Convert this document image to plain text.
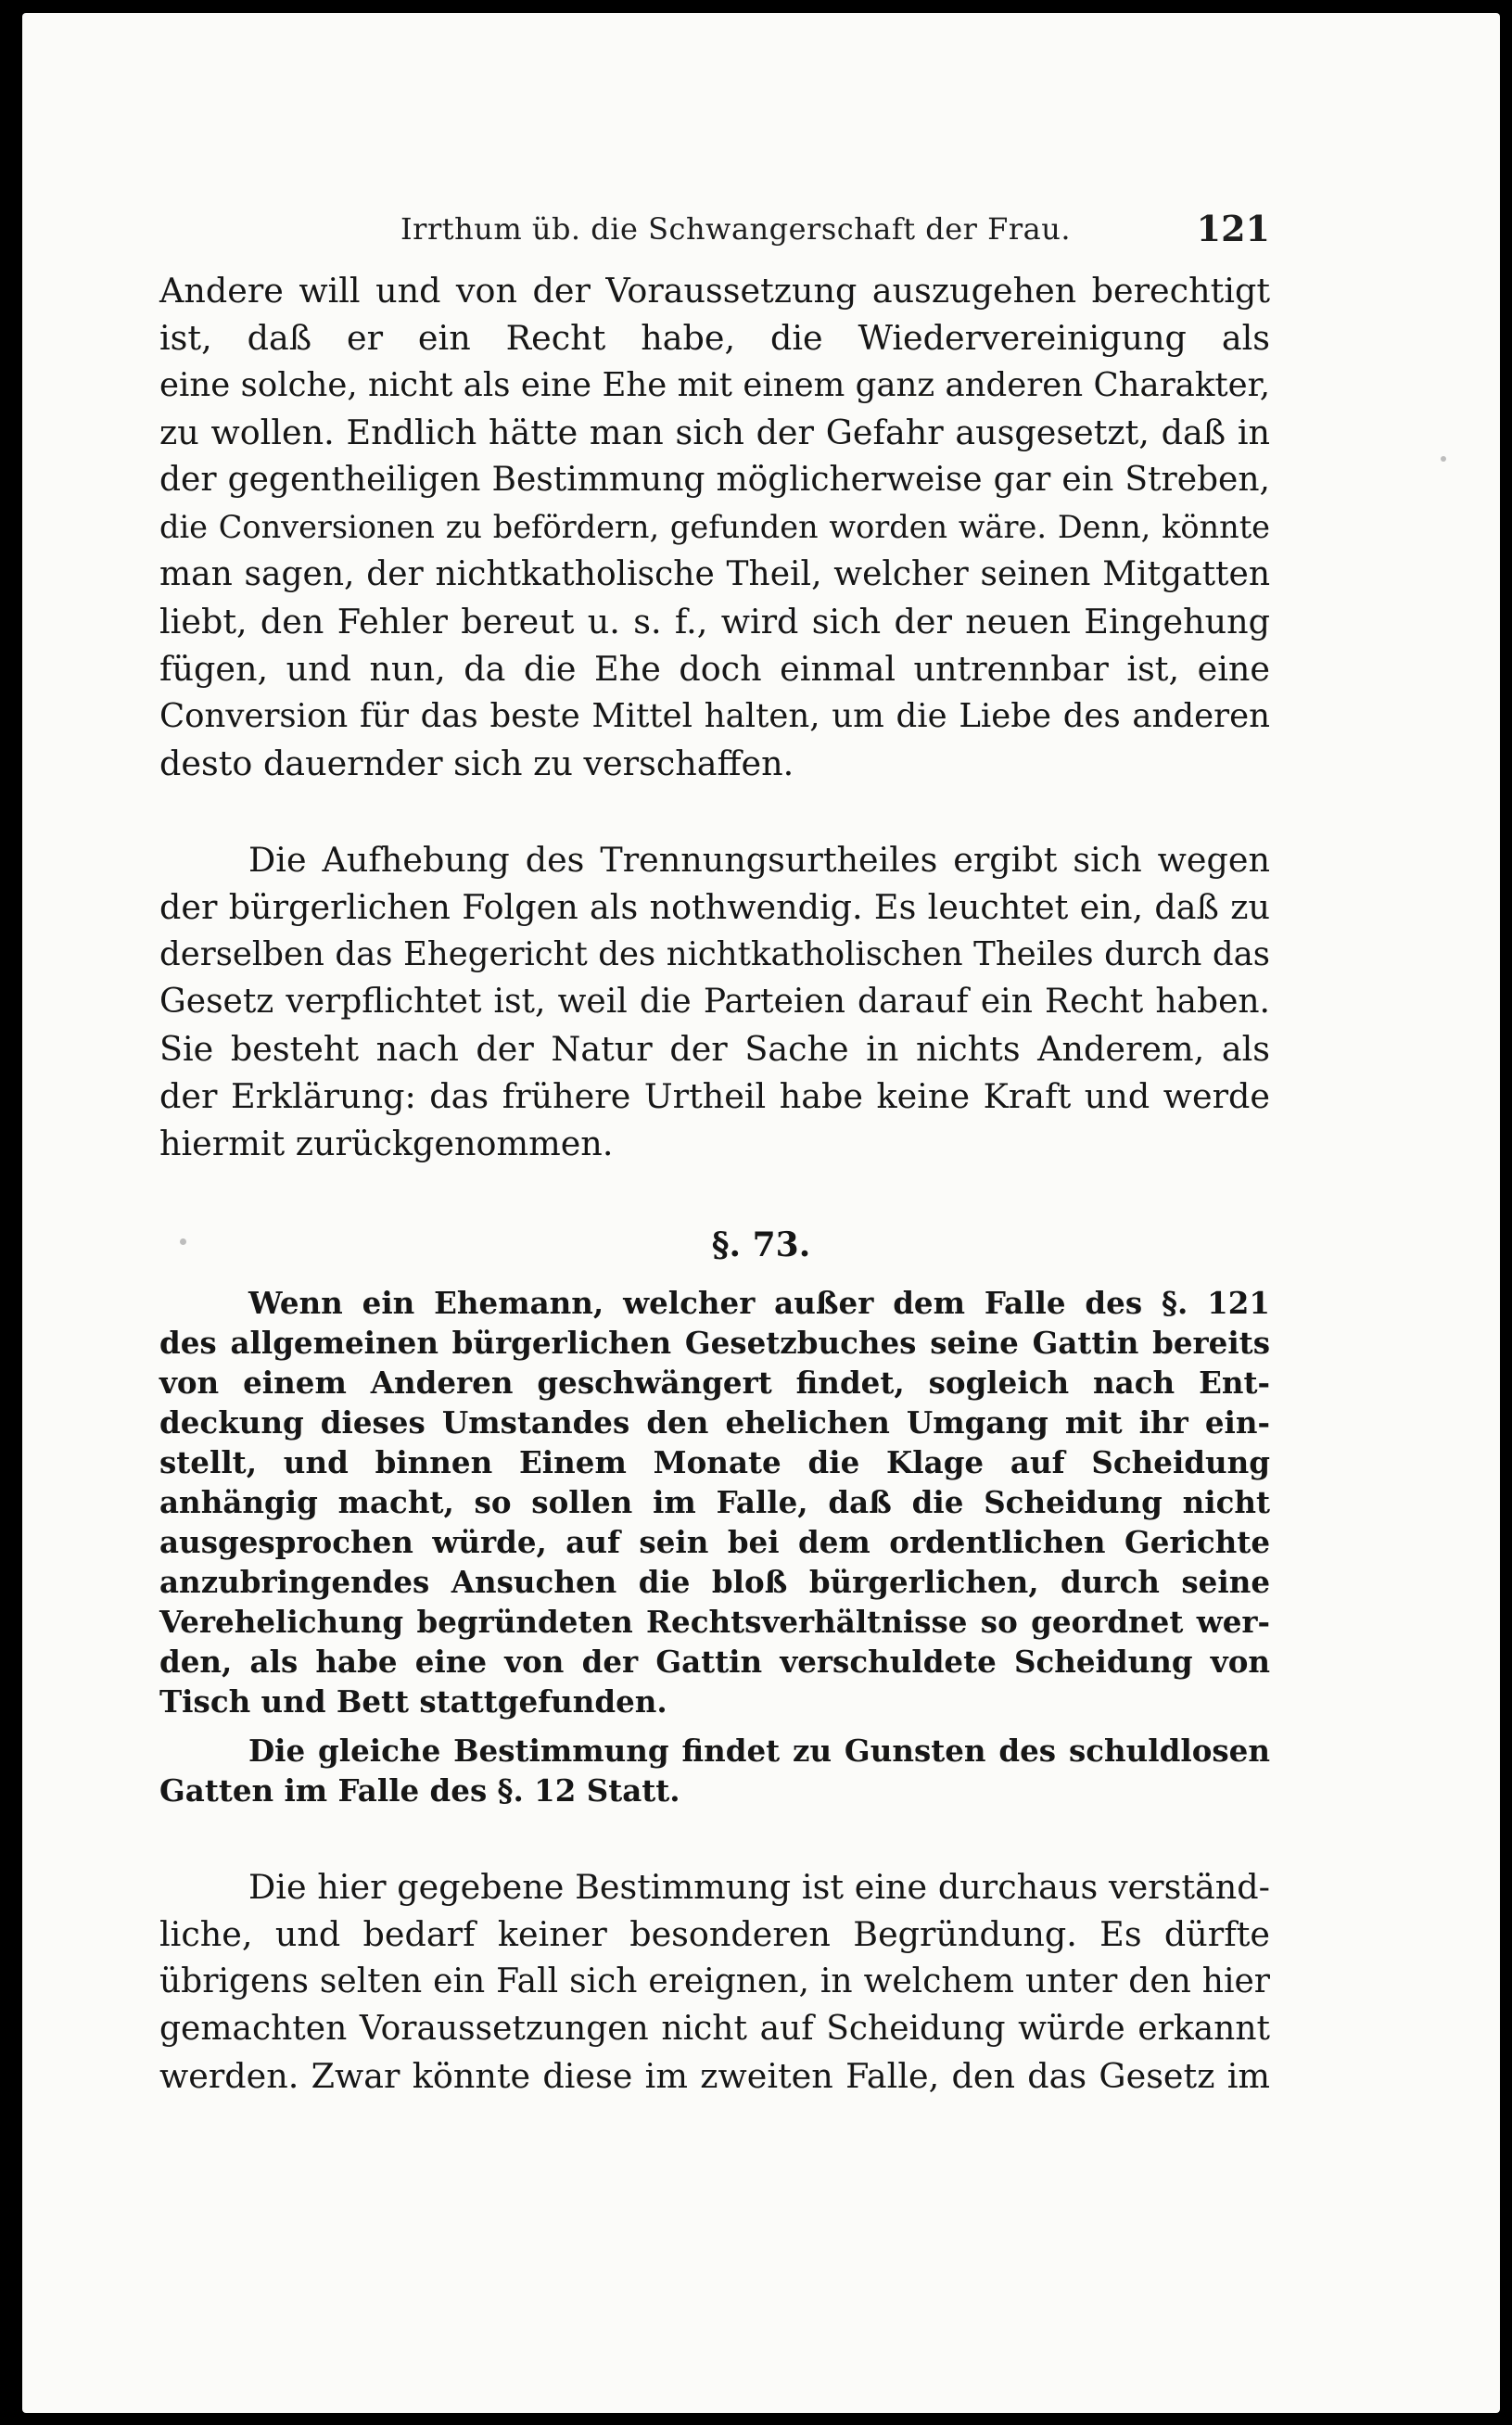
Irrthum üb. die Schwangerschaft der Frau.	121
Andere will und von der Voraussetzung auszugehen berechtigt
ist, daß er ein Recht habe, die Wiedervereinigung als
eine solche, nicht als eine Ehe mit einem ganz anderen Charakter,
zu wollen. Endlich hätte man sich der Gefahr ausgesetzt, daß in
der gegentheiligen Bestimmung möglicherweise gar ein Streben,
die Conversionen zu befördern, gefunden worden wäre. Denn, könnte
man sagen, der nichtkatholische Theil, welcher seinen Mitgatten
liebt, den Fehler bereut u. s. f., wird sich der neuen Eingehung
fügen, und nun, da die Ehe doch einmal untrennbar ist, eine
Conversion für das beste Mittel halten, um die Liebe des anderen
desto dauernder sich zu verschaffen.
Die Aufhebung des Trennungsurtheiles ergibt sich wegen
der bürgerlichen Folgen als nothwendig. Es leuchtet ein, daß zu
derselben das Ehegericht des nichtkatholischen Theiles durch das
Gesetz verpflichtet ist, weil die Parteien darauf ein Recht haben.
Sie besteht nach der Natur der Sache in nichts Anderem, als
der Erklärung: das frühere Urtheil habe keine Kraft und werde
hiermit zurückgenommen.
§. 73.
Wenn ein Ehemann, welcher außer dem Falle des §. 121
des allgemeinen bürgerlichen Gesetzbuches seine Gattin bereits
von einem Anderen geschwängert findet, sogleich nach Ent-
deckung dieses Umstandes den ehelichen Umgang mit ihr ein-
stellt, und binnen Einem Monate die Klage auf Scheidung
anhängig macht, so sollen im Falle, daß die Scheidung nicht
ausgesprochen würde, auf sein bei dem ordentlichen Gerichte
anzubringendes Ansuchen die bloß bürgerlichen, durch seine
Verehelichung begründeten Rechtsverhältnisse so geordnet wer-
den, als habe eine von der Gattin verschuldete Scheidung von
Tisch und Bett stattgefunden.
Die gleiche Bestimmung findet zu Gunsten des schuldlosen
Gatten im Falle des §. 12 Statt.
Die hier gegebene Bestimmung ist eine durchaus verständ-
liche, und bedarf keiner besonderen Begründung. Es dürfte
übrigens selten ein Fall sich ereignen, in welchem unter den hier
gemachten Voraussetzungen nicht auf Scheidung würde erkannt
werden. Zwar könnte diese im zweiten Falle, den das Gesetz im
